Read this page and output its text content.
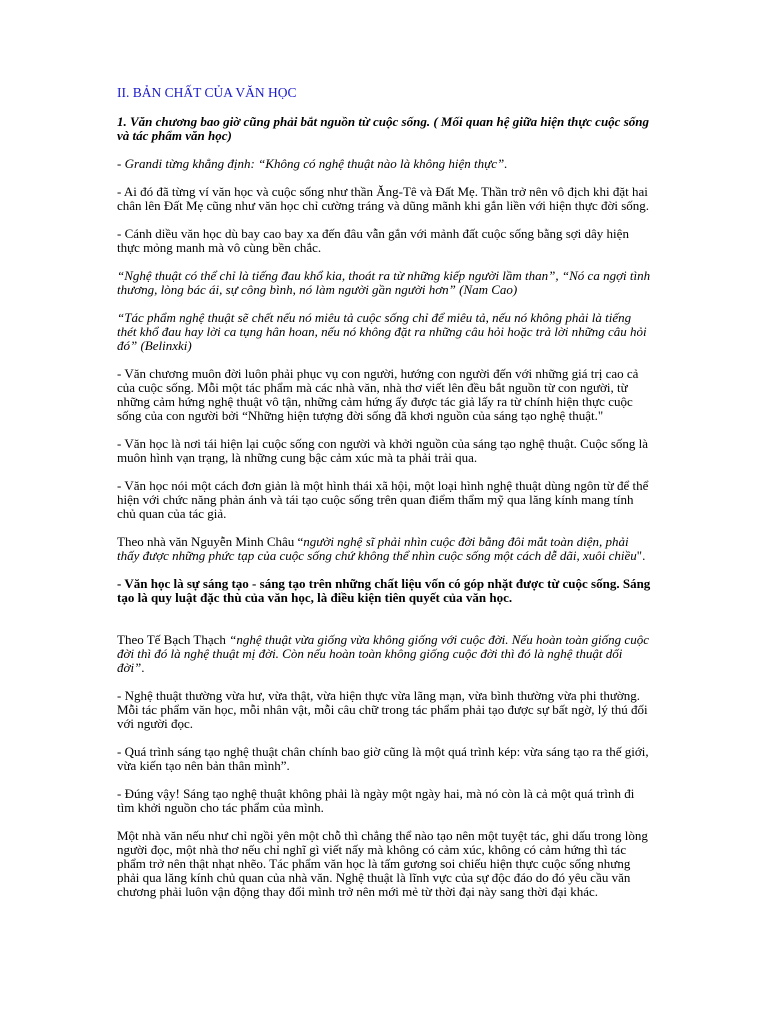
II. BẢN CHẤT CỦA VĂN HỌC

1. Văn chương bao giờ cũng phải bắt nguồn từ cuộc sống. ( Mối quan hệ giữa hiện thực cuộc sống và tác phẩm văn học)

- Grandi từng khẳng định: “Không có nghệ thuật nào là không hiện thực”.

- Ai đó đã từng ví văn học và cuộc sống như thần Ăng-Tê và Đất Mẹ. Thần trở nên vô địch khi đặt hai chân lên Đất Mẹ cũng như văn học chỉ cường tráng và dũng mãnh khi gắn liền với hiện thực đời sống.

- Cánh diều văn học dù bay cao bay xa đến đâu vẫn gắn với mảnh đất cuộc sống bằng sợi dây hiện thực mỏng manh mà vô cùng bền chắc.

“Nghệ thuật có thể chỉ là tiếng đau khổ kia, thoát ra từ những kiếp người lầm than”, “Nó ca ngợi tình thương, lòng bác ái, sự công bình, nó làm người gần người hơn” (Nam Cao)

“Tác phẩm nghệ thuật sẽ chết nếu nó miêu tả cuộc sống chỉ để miêu tả, nếu nó không phải là tiếng thét khổ đau hay lời ca tụng hân hoan, nếu nó không đặt ra những câu hỏi hoặc trả lời những câu hỏi đó” (Belinxki)

- Văn chương muôn đời luôn phải phục vụ con người, hướng con người đến với những giá trị cao cả của cuộc sống. Mỗi một tác phẩm mà các nhà văn, nhà thơ viết lên đều bắt nguồn từ con người, từ những cảm hứng nghệ thuật vô tận, những cảm hứng ấy được tác giả lấy ra từ chính hiện thực cuộc sống của con người bởi “Những hiện tượng đời sống đã khơi nguồn của sáng tạo nghệ thuật."

- Văn học là nơi tái hiện lại cuộc sống con người và khởi nguồn của sáng tạo nghệ thuật. Cuộc sống là muôn hình vạn trạng, là những cung bậc cảm xúc mà ta phải trải qua.

- Văn học nói một cách đơn giản là một hình thái xã hội, một loại hình nghệ thuật dùng ngôn từ để thể hiện với chức năng phản ánh và tái tạo cuộc sống trên quan điểm thẩm mỹ qua lăng kính mang tính chủ quan của tác giả.

Theo nhà văn Nguyễn Minh Châu “người nghệ sĩ phải nhìn cuộc đời bằng đôi mắt toàn diện, phải thấy được những phức tạp của cuộc sống chứ không thể nhìn cuộc sống một cách dễ dãi, xuôi chiều".

- Văn học là sự sáng tạo - sáng tạo trên những chất liệu vốn có góp nhặt được từ cuộc sống. Sáng tạo là quy luật đặc thù của văn học, là điều kiện tiên quyết của văn học.

Theo Tế Bạch Thạch “nghệ thuật vừa giống vừa không giống với cuộc đời. Nếu hoàn toàn giống cuộc đời thì đó là nghệ thuật mị đời. Còn nếu hoàn toàn không giống cuộc đời thì đó là nghệ thuật dối đời”.

- Nghệ thuật thường vừa hư, vừa thật, vừa hiện thực vừa lãng mạn, vừa bình thường vừa phi thường. Mỗi tác phẩm văn học, mỗi nhân vật, mỗi câu chữ trong tác phẩm phải tạo được sự bất ngờ, lý thú đối với người đọc.

- Quá trình sáng tạo nghệ thuật chân chính bao giờ cũng là một quá trình kép: vừa sáng tạo ra thế giới, vừa kiến tạo nên bản thân mình”.

- Đúng vậy! Sáng tạo nghệ thuật không phải là ngày một ngày hai, mà nó còn là cả một quá trình đi tìm khởi nguồn cho tác phẩm của mình.

Một nhà văn nếu như chỉ ngồi yên một chỗ thì chẳng thể nào tạo nên một tuyệt tác, ghi dấu trong lòng người đọc, một nhà thơ nếu chỉ nghĩ gì viết nấy mà không có cảm xúc, không có cảm hứng thì tác phẩm trở nên thật nhạt nhẽo. Tác phẩm văn học là tấm gương soi chiếu hiện thực cuộc sống nhưng phải qua lăng kính chủ quan của nhà văn. Nghệ thuật là lĩnh vực của sự độc đáo do đó yêu cầu văn chương phải luôn vận động thay đổi mình trở nên mới mẻ từ thời đại này sang thời đại khác.
